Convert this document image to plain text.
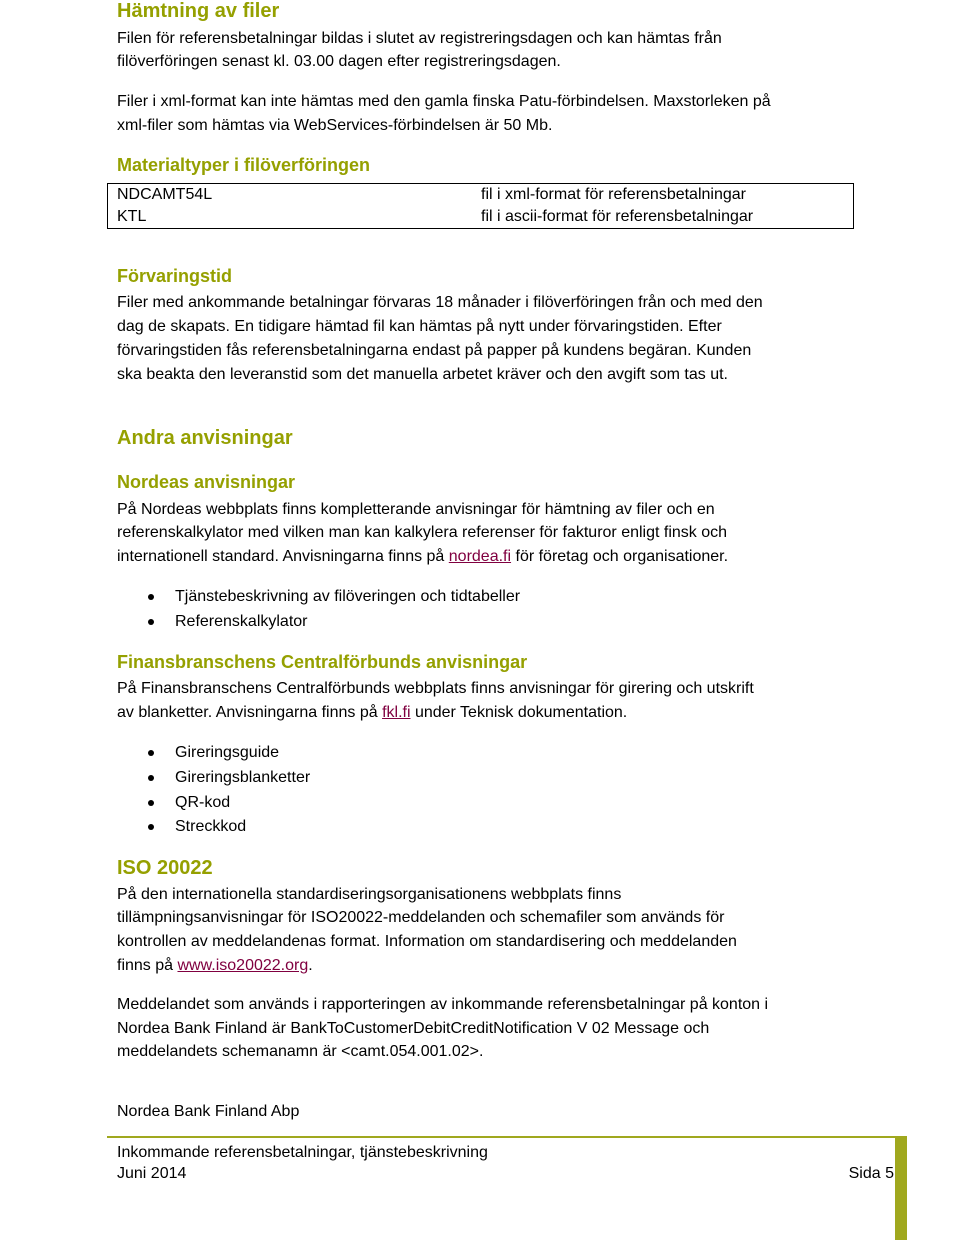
Hämtning av filer
Filen för referensbetalningar bildas i slutet av registreringsdagen och kan hämtas från
filöverföringen senast kl. 03.00 dagen efter registreringsdagen.
Filer i xml-format kan inte hämtas med den gamla finska Patu-förbindelsen. Maxstorleken på
xml-filer som hämtas via WebServices-förbindelsen är 50 Mb.
Materialtyper i filöverföringen
NDCAMT54L	fil i xml-format för referensbetalningar
KTL	fil i ascii-format för referensbetalningar
Förvaringstid
Filer med ankommande betalningar förvaras 18 månader i filöverföringen från och med den
dag de skapats. En tidigare hämtad fil kan hämtas på nytt under förvaringstiden. Efter
förvaringstiden fås referensbetalningarna endast på papper på kundens begäran. Kunden
ska beakta den leveranstid som det manuella arbetet kräver och den avgift som tas ut.
Andra anvisningar
Nordeas anvisningar
På Nordeas webbplats finns kompletterande anvisningar för hämtning av filer och en
referenskalkylator med vilken man kan kalkylera referenser för fakturor enligt finsk och
internationell standard. Anvisningarna finns på nordea.fi för företag och organisationer.
Tjänstebeskrivning av filöveringen och tidtabeller
Referenskalkylator
Finansbranschens Centralförbunds anvisningar
På Finansbranschens Centralförbunds webbplats finns anvisningar för girering och utskrift
av blanketter. Anvisningarna finns på fkl.fi under Teknisk dokumentation.
Gireringsguide
Gireringsblanketter
QR-kod
Streckkod
ISO 20022
På den internationella standardiseringsorganisationens webbplats finns
tillämpningsanvisningar för ISO20022-meddelanden och schemafiler som används för
kontrollen av meddelandenas format. Information om standardisering och meddelanden
finns på www.iso20022.org.
Meddelandet som används i rapporteringen av inkommande referensbetalningar på konton i
Nordea Bank Finland är BankToCustomerDebitCreditNotification V 02 Message och
meddelandets schemanamn är <camt.054.001.02>.
Nordea Bank Finland Abp
Inkommande referensbetalningar, tjänstebeskrivning
Juni 2014	Sida 5
